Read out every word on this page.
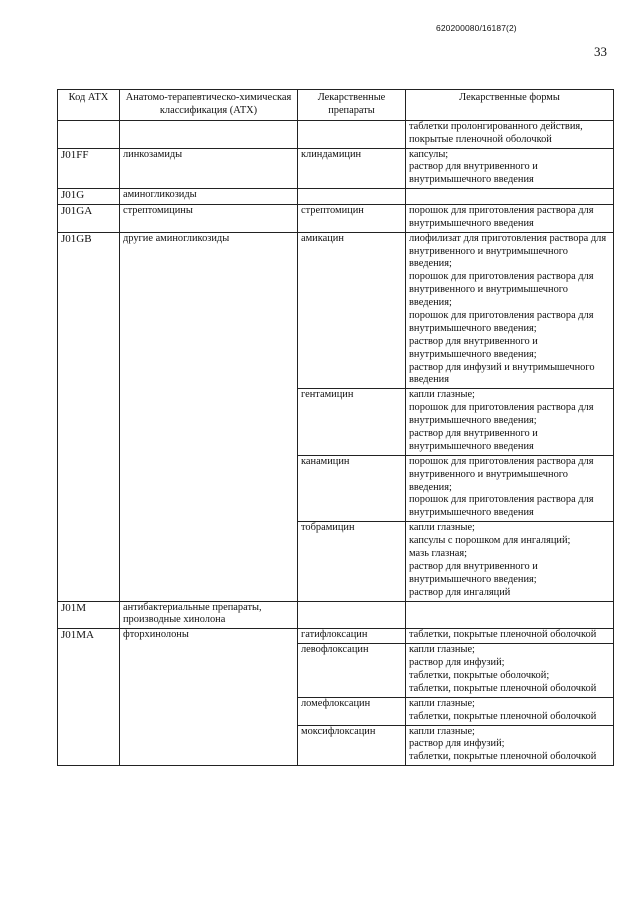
620200080/16187(2)
33
Код АТХ	Анатомо-терапевтическо-химическая классификация (АТХ)	Лекарственные препараты	Лекарственные формы

			таблетки пролонгированного действия, покрытые пленочной оболочкой

J01FF	линкозамиды	клиндамицин	капсулы;
раствор для внутривенного и внутримышечного введения

J01G	аминогликозиды		
J01GA	стрептомицины	стрептомицин	порошок для приготовления раствора для внутримышечного введения

J01GB	другие аминогликозиды	амикацин	лиофилизат для приготовления раствора для внутривенного и внутримышечного введения;
порошок для приготовления раствора для внутривенного и внутримышечного введения;
порошок для приготовления раствора для внутримышечного введения;
раствор для внутривенного и внутримышечного введения;
раствор для инфузий и внутримышечного введения

		гентамицин	капли глазные;
порошок для приготовления раствора для внутримышечного введения;
раствор для внутривенного и внутримышечного введения

		канамицин	порошок для приготовления раствора для внутривенного и внутримышечного введения;
порошок для приготовления раствора для внутримышечного введения

		тобрамицин	капли глазные;
капсулы с порошком для ингаляций;
мазь глазная;
раствор для внутривенного и внутримышечного введения;
раствор для ингаляций

J01M	антибактериальные препараты, производные хинолона		
J01MA	фторхинолоны	гатифлоксацин	таблетки, покрытые пленочной оболочкой

		левофлоксацин	капли глазные;
раствор для инфузий;
таблетки, покрытые оболочкой;
таблетки, покрытые пленочной оболочкой

		ломефлоксацин	капли глазные;
таблетки, покрытые пленочной оболочкой

		моксифлоксацин	капли глазные;
раствор для инфузий;
таблетки, покрытые пленочной оболочкой
